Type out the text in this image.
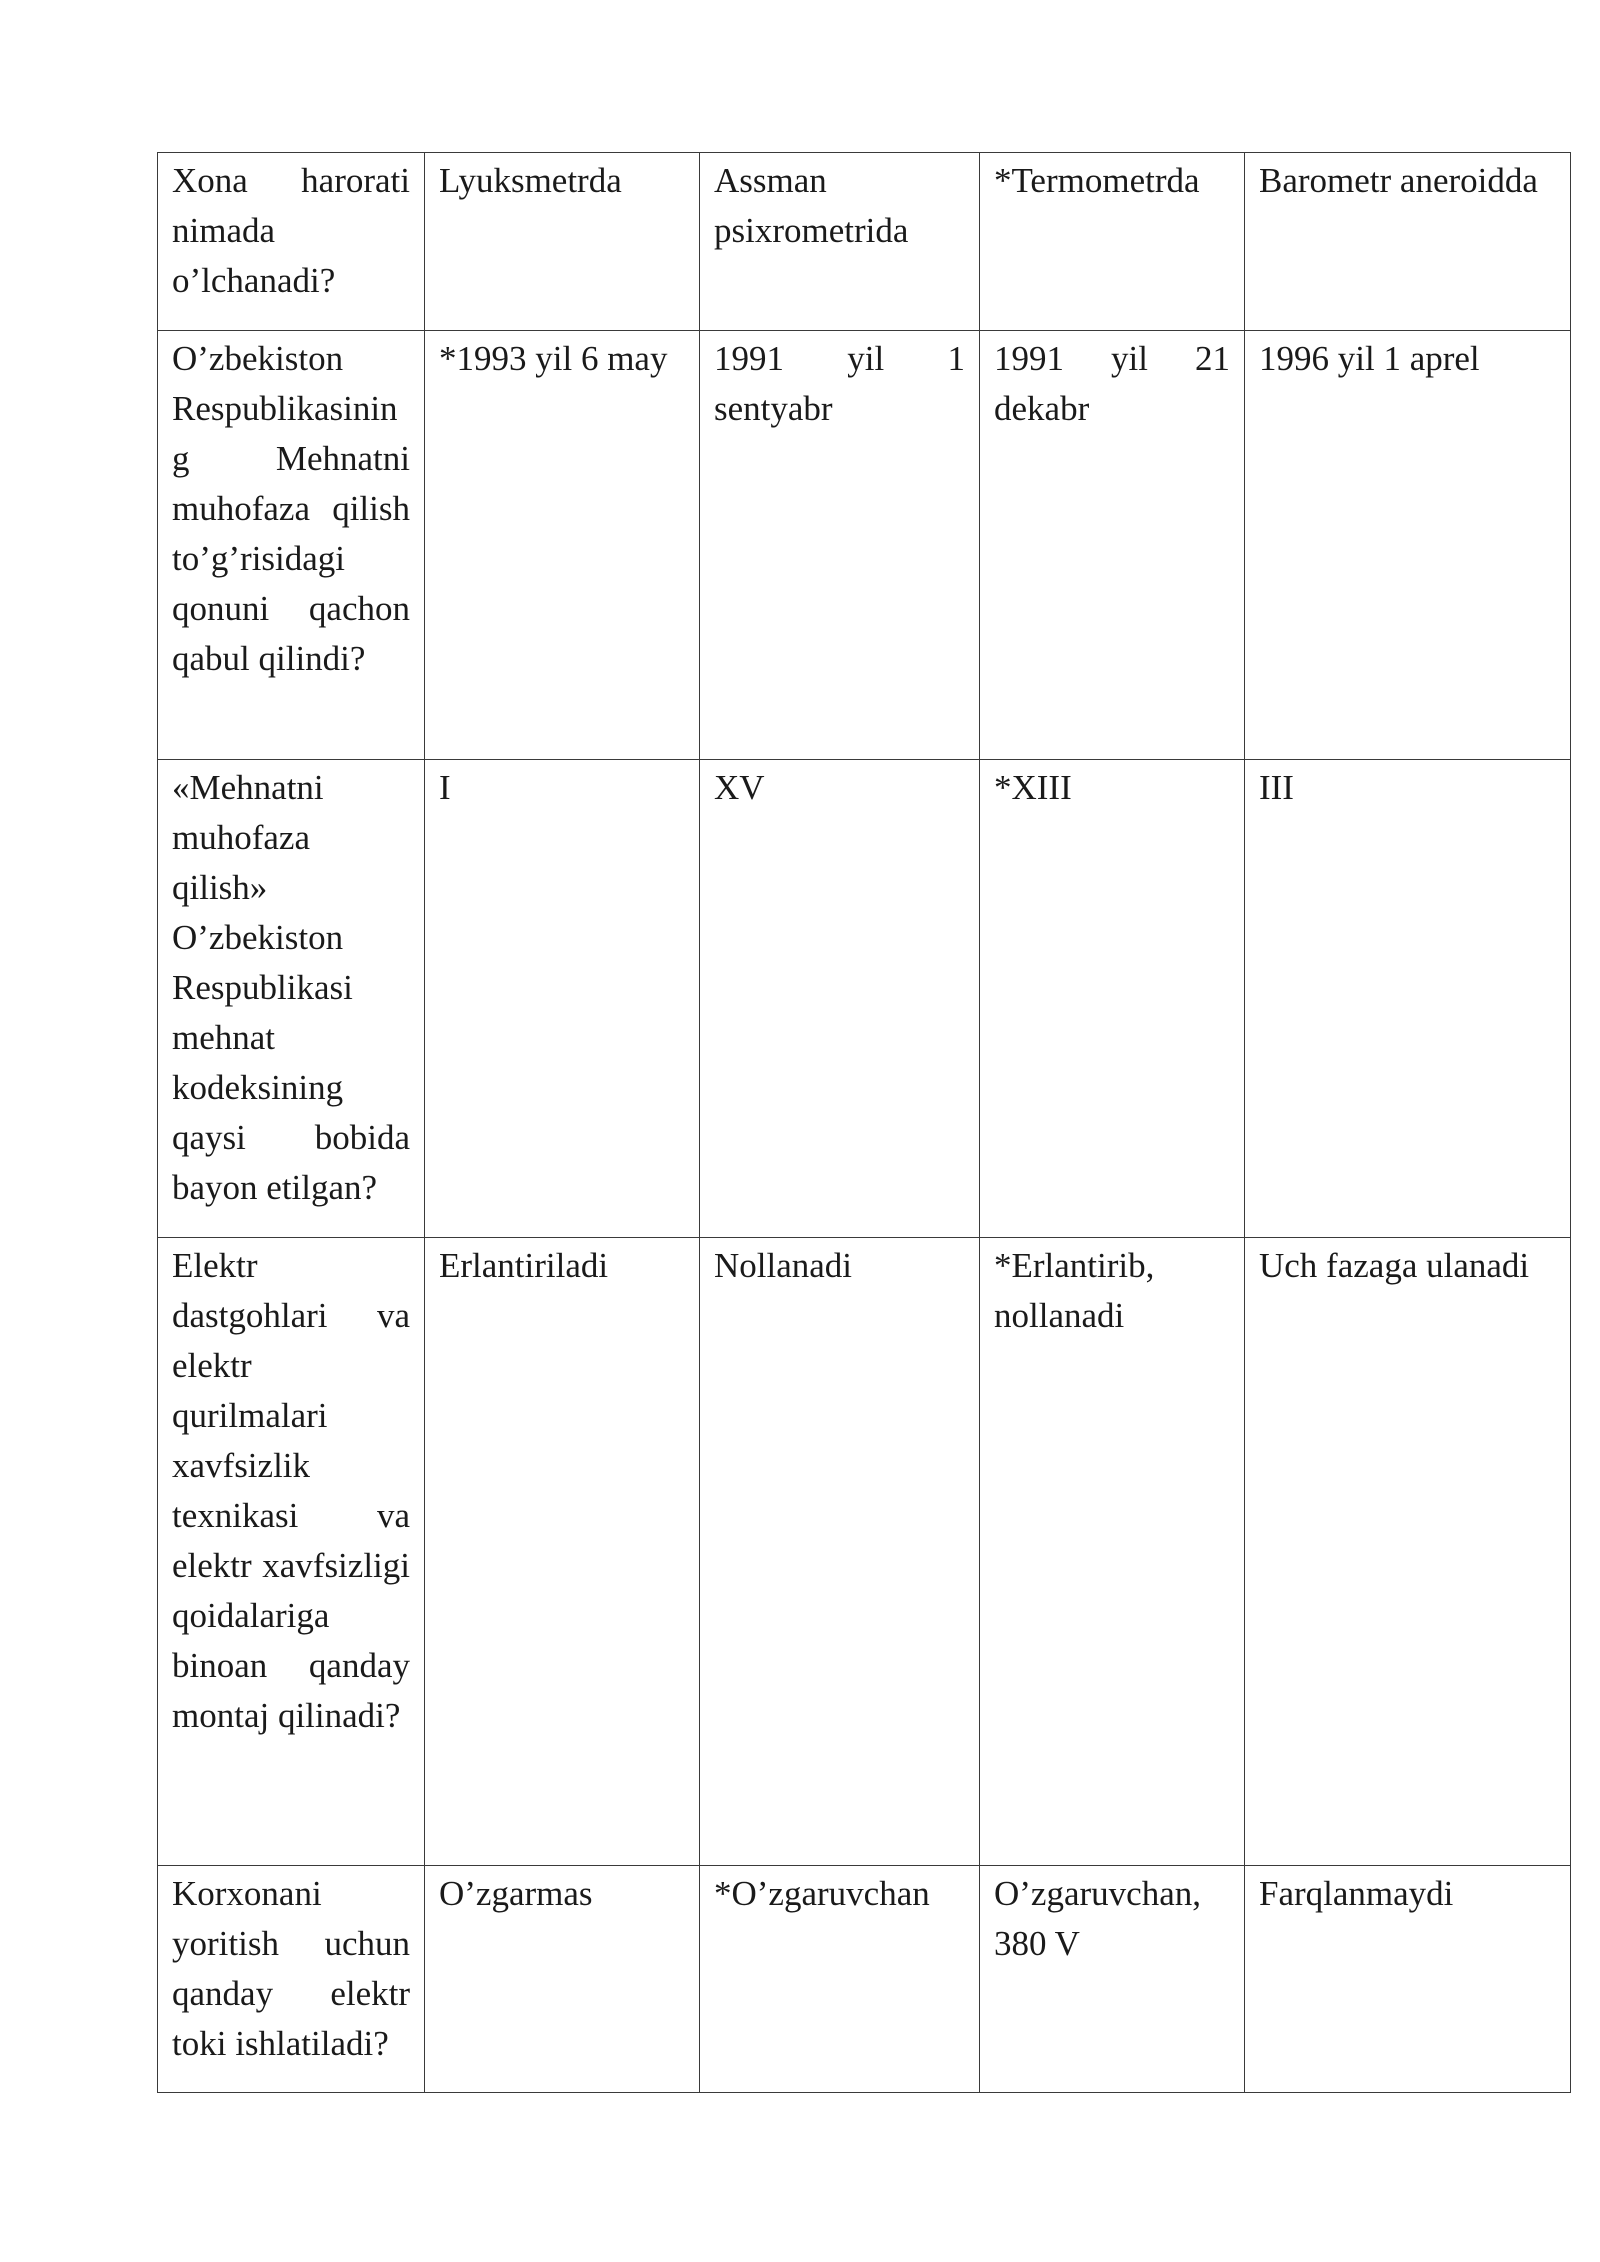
Xona harorati nimada o’lchanadi?	Lyuksmetrda	Assman psixrometrida	*Termometrda	Barometr aneroidda
O’zbekiston Respublikasining Mehnatni muhofaza qilish to’g’risidagi qonuni qachon qabul qilindi?	*1993 yil 6 may	1991 yil 1 sentyabr	1991 yil 21 dekabr	1996 yil 1 aprel
«Mehnatni muhofaza qilish» O’zbekiston Respublikasi mehnat kodeksining qaysi bobida bayon etilgan?	I	XV	*XIII	III
Elektr dastgohlari va elektr qurilmalari xavfsizlik texnikasi va elektr xavfsizligi qoidalariga binoan qanday montaj qilinadi?	Erlantiriladi	Nollanadi	*Erlantirib, nollanadi	Uch fazaga ulanadi
Korxonani yoritish uchun qanday elektr toki ishlatiladi?	O’zgarmas	*O’zgaruvchan	O’zgaruvchan, 380 V	Farqlanmaydi
